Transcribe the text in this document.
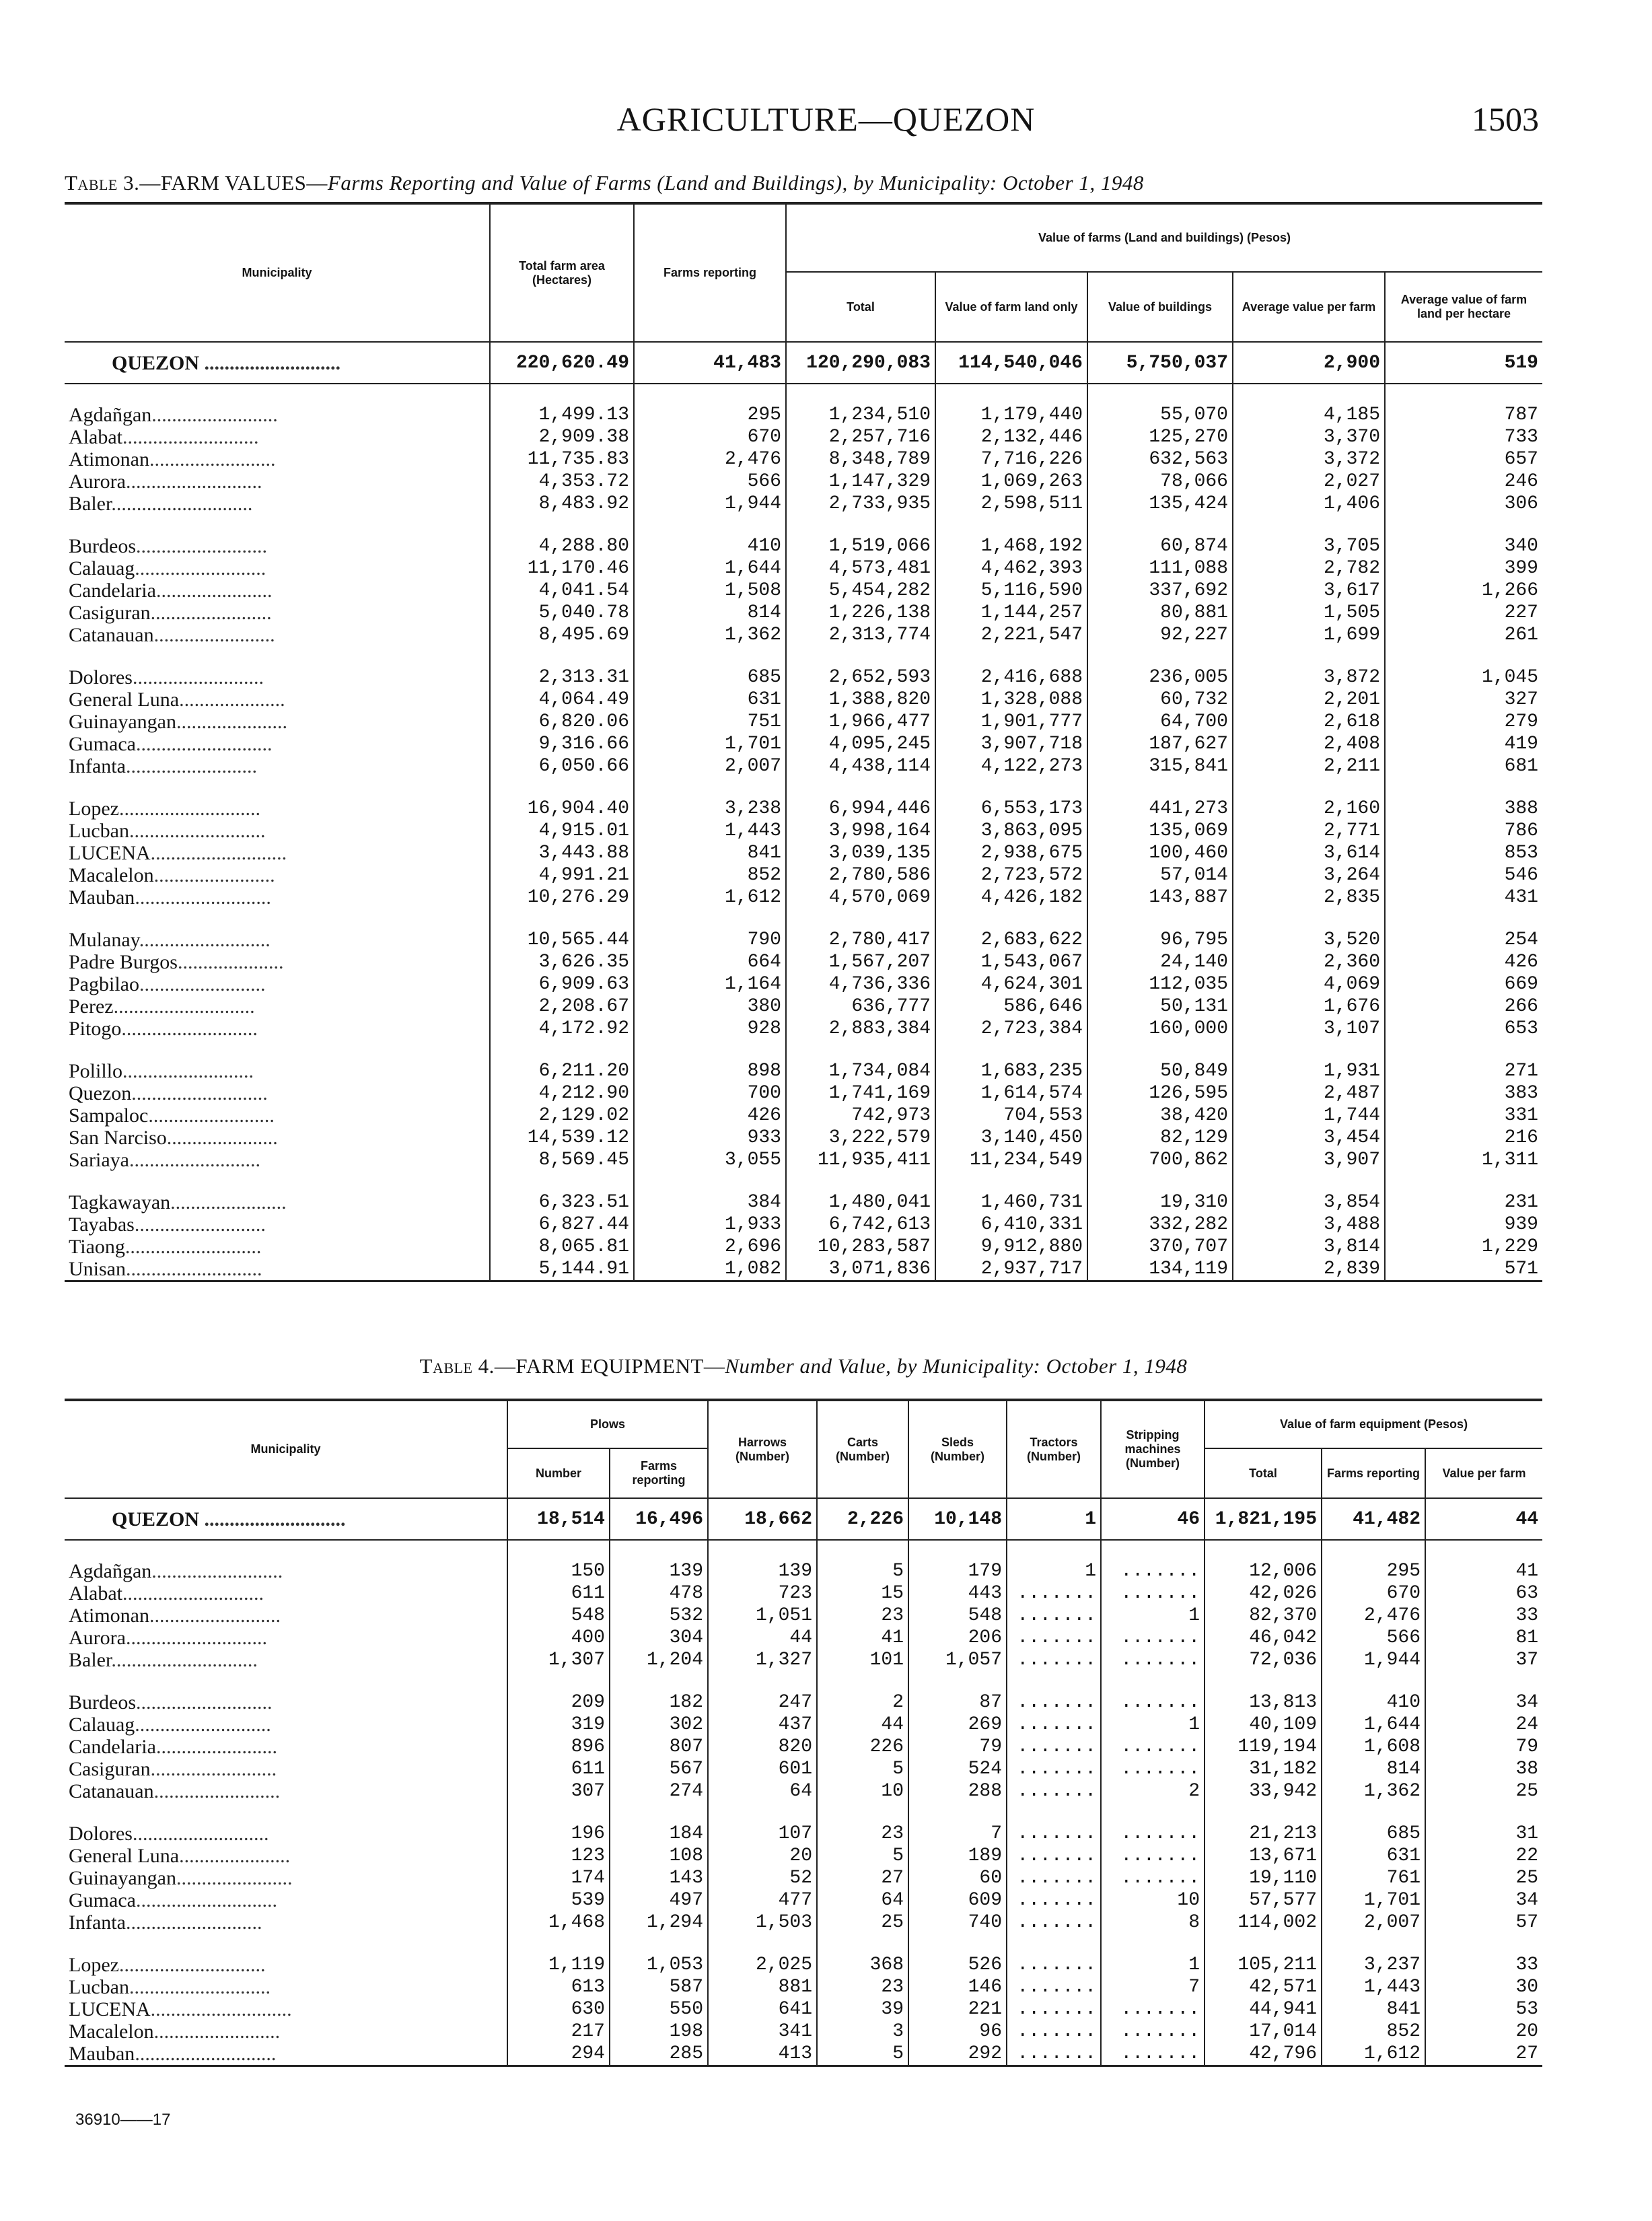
AGRICULTURE—QUEZON	1503
Table 3.—FARM VALUES—Farms Reporting and Value of Farms (Land and Buildings), by Municipality: October 1, 1948
Municipality	Total farm area (Hectares)	Farms reporting	Value of farms (Land and buildings) (Pesos)				
			Total	Value of farm land only	Value of buildings	Average value per farm	Average value of farm land per hectare
QUEZON ...........................	220,620.49	41,483	120,290,083	114,540,046	5,750,037	2,900	519

Agdañgan.........................	1,499.13	295	1,234,510	1,179,440	55,070	4,185	787
Alabat...........................	2,909.38	670	2,257,716	2,132,446	125,270	3,370	733
Atimonan.........................	11,735.83	2,476	8,348,789	7,716,226	632,563	3,372	657
Aurora...........................	4,353.72	566	1,147,329	1,069,263	78,066	2,027	246
Baler............................	8,483.92	1,944	2,733,935	2,598,511	135,424	1,406	306

Burdeos..........................	4,288.80	410	1,519,066	1,468,192	60,874	3,705	340
Calauag..........................	11,170.46	1,644	4,573,481	4,462,393	111,088	2,782	399
Candelaria.......................	4,041.54	1,508	5,454,282	5,116,590	337,692	3,617	1,266
Casiguran........................	5,040.78	814	1,226,138	1,144,257	80,881	1,505	227
Catanauan........................	8,495.69	1,362	2,313,774	2,221,547	92,227	1,699	261

Dolores..........................	2,313.31	685	2,652,593	2,416,688	236,005	3,872	1,045
General Luna.....................	4,064.49	631	1,388,820	1,328,088	60,732	2,201	327
Guinayangan......................	6,820.06	751	1,966,477	1,901,777	64,700	2,618	279
Gumaca...........................	9,316.66	1,701	4,095,245	3,907,718	187,627	2,408	419
Infanta..........................	6,050.66	2,007	4,438,114	4,122,273	315,841	2,211	681

Lopez............................	16,904.40	3,238	6,994,446	6,553,173	441,273	2,160	388
Lucban...........................	4,915.01	1,443	3,998,164	3,863,095	135,069	2,771	786
LUCENA...........................	3,443.88	841	3,039,135	2,938,675	100,460	3,614	853
Macalelon........................	4,991.21	852	2,780,586	2,723,572	57,014	3,264	546
Mauban...........................	10,276.29	1,612	4,570,069	4,426,182	143,887	2,835	431

Mulanay..........................	10,565.44	790	2,780,417	2,683,622	96,795	3,520	254
Padre Burgos.....................	3,626.35	664	1,567,207	1,543,067	24,140	2,360	426
Pagbilao.........................	6,909.63	1,164	4,736,336	4,624,301	112,035	4,069	669
Perez............................	2,208.67	380	636,777	586,646	50,131	1,676	266
Pitogo...........................	4,172.92	928	2,883,384	2,723,384	160,000	3,107	653

Polillo..........................	6,211.20	898	1,734,084	1,683,235	50,849	1,931	271
Quezon...........................	4,212.90	700	1,741,169	1,614,574	126,595	2,487	383
Sampaloc.........................	2,129.02	426	742,973	704,553	38,420	1,744	331
San Narciso......................	14,539.12	933	3,222,579	3,140,450	82,129	3,454	216
Sariaya..........................	8,569.45	3,055	11,935,411	11,234,549	700,862	3,907	1,311

Tagkawayan.......................	6,323.51	384	1,480,041	1,460,731	19,310	3,854	231
Tayabas..........................	6,827.44	1,933	6,742,613	6,410,331	332,282	3,488	939
Tiaong...........................	8,065.81	2,696	10,283,587	9,912,880	370,707	3,814	1,229
Unisan...........................	5,144.91	1,082	3,071,836	2,937,717	134,119	2,839	571
Table 4.—FARM EQUIPMENT—Number and Value, by Municipality: October 1, 1948
Municipality	Plows		Harrows (Number)	Carts (Number)	Sleds (Number)	Tractors (Number)	Stripping machines (Number)	Value of farm equipment (Pesos)		
	Number	Farms reporting						Total	Farms reporting	Value per farm
QUEZON ............................	18,514	16,496	18,662	2,226	10,148	1	46	1,821,195	41,482	44

Agdañgan..........................	150	139	139	5	179	1	.......	12,006	295	41
Alabat............................	611	478	723	15	443	.......	.......	42,026	670	63
Atimonan..........................	548	532	1,051	23	548	.......	1	82,370	2,476	33
Aurora............................	400	304	44	41	206	.......	.......	46,042	566	81
Baler.............................	1,307	1,204	1,327	101	1,057	.......	.......	72,036	1,944	37

Burdeos...........................	209	182	247	2	87	.......	.......	13,813	410	34
Calauag...........................	319	302	437	44	269	.......	1	40,109	1,644	24
Candelaria........................	896	807	820	226	79	.......	.......	119,194	1,608	79
Casiguran.........................	611	567	601	5	524	.......	.......	31,182	814	38
Catanauan.........................	307	274	64	10	288	.......	2	33,942	1,362	25

Dolores...........................	196	184	107	23	7	.......	.......	21,213	685	31
General Luna......................	123	108	20	5	189	.......	.......	13,671	631	22
Guinayangan.......................	174	143	52	27	60	.......	.......	19,110	761	25
Gumaca............................	539	497	477	64	609	.......	10	57,577	1,701	34
Infanta...........................	1,468	1,294	1,503	25	740	.......	8	114,002	2,007	57

Lopez.............................	1,119	1,053	2,025	368	526	.......	1	105,211	3,237	33
Lucban............................	613	587	881	23	146	.......	7	42,571	1,443	30
LUCENA............................	630	550	641	39	221	.......	.......	44,941	841	53
Macalelon.........................	217	198	341	3	96	.......	.......	17,014	852	20
Mauban............................	294	285	413	5	292	.......	.......	42,796	1,612	27
36910——17
